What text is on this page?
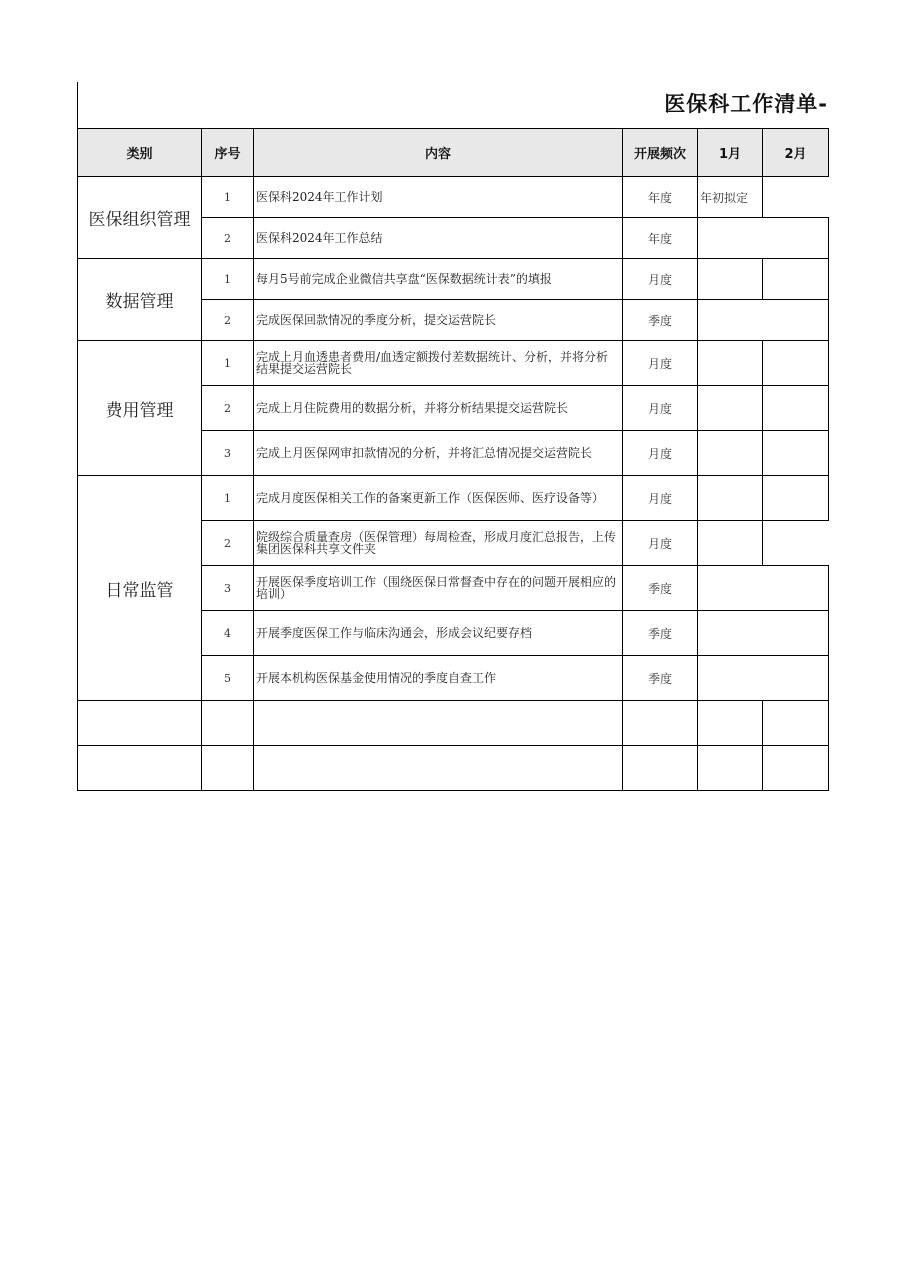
医保科工作清单-
类别	序号	内容	开展频次	1月	2月
医保组织管理	1	医保科2024年工作计划	年度	年初拟定	
	2	医保科2024年工作总结	年度		
数据管理	1	每月5号前完成企业微信共享盘“医保数据统计表”的填报	月度		
	2	完成医保回款情况的季度分析，提交运营院长	季度		
费用管理	1	完成上月血透患者费用/血透定额拨付差数据统计、分析，并将分析结果提交运营院长	月度		
	2	完成上月住院费用的数据分析，并将分析结果提交运营院长	月度		
	3	完成上月医保网审扣款情况的分析，并将汇总情况提交运营院长	月度		
日常监管	1	完成月度医保相关工作的备案更新工作（医保医师、医疗设备等）	月度		
	2	院级综合质量查房（医保管理）每周检查，形成月度汇总报告，上传集团医保科共享文件夹	月度		
	3	开展医保季度培训工作（围绕医保日常督查中存在的问题开展相应的培训）	季度		
	4	开展季度医保工作与临床沟通会，形成会议纪要存档	季度		
	5	开展本机构医保基金使用情况的季度自查工作	季度		
